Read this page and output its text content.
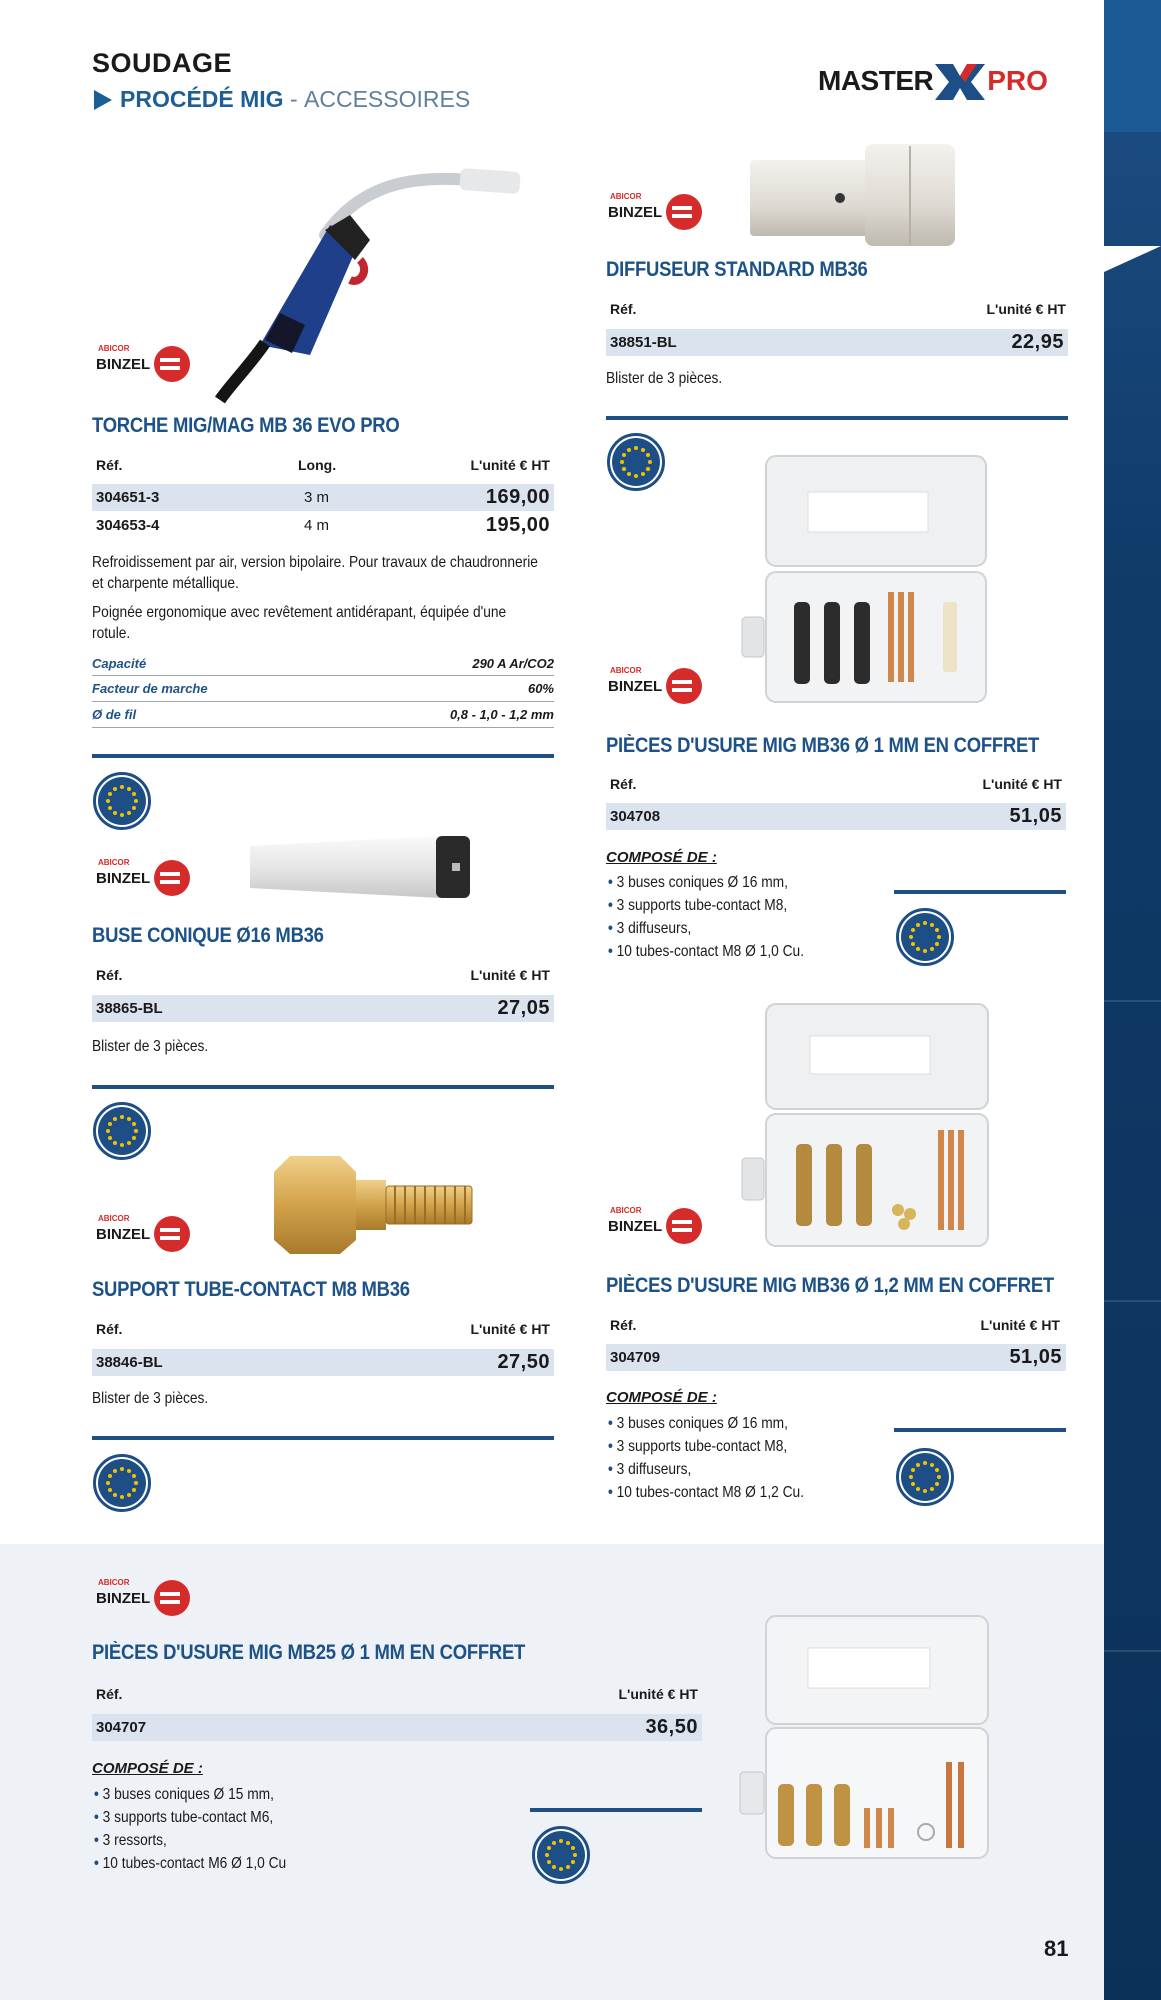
SOUDAGE
PROCÉDÉ MIG - ACCESSOIRES
MASTER PRO
ABICOR
BINZEL
TORCHE MIG/MAG MB 36 EVO PRO
Réf.	Long.	L'unité € HT
304651-3	3 m	169,00
304653-4	4 m	195,00
Refroidissement par air, version bipolaire. Pour travaux de chaudronnerie et charpente métallique.
Poignée ergonomique avec revêtement antidérapant, équipée d'une rotule.
Capacité	290 A Ar/CO2
Facteur de marche	60%
Ø de fil	0,8 - 1,0 - 1,2 mm
ABICOR
BINZEL
BUSE CONIQUE Ø16 MB36
Réf.	L'unité € HT
38865-BL	27,05
Blister de 3 pièces.
ABICOR
BINZEL
SUPPORT TUBE-CONTACT M8 MB36
Réf.	L'unité € HT
38846-BL	27,50
Blister de 3 pièces.
ABICOR
BINZEL
DIFFUSEUR STANDARD MB36
Réf.	L'unité € HT
38851-BL	22,95
Blister de 3 pièces.
ABICOR
BINZEL
PIÈCES D'USURE MIG MB36 Ø 1 MM EN COFFRET
Réf.	L'unité € HT
304708	51,05
COMPOSÉ DE :
• 3 buses coniques Ø 16 mm,
• 3 supports tube-contact M8,
• 3 diffuseurs,
• 10 tubes-contact M8 Ø 1,0 Cu.
ABICOR
BINZEL
PIÈCES D'USURE MIG MB36 Ø 1,2 MM EN COFFRET
Réf.	L'unité € HT
304709	51,05
COMPOSÉ DE :
• 3 buses coniques Ø 16 mm,
• 3 supports tube-contact M8,
• 3 diffuseurs,
• 10 tubes-contact M8 Ø 1,2 Cu.
ABICOR
BINZEL
PIÈCES D'USURE MIG MB25 Ø 1 MM EN COFFRET
Réf.	L'unité € HT
304707	36,50
COMPOSÉ DE :
• 3 buses coniques Ø 15 mm,
• 3 supports tube-contact M6,
• 3 ressorts,
• 10 tubes-contact M6 Ø 1,0 Cu
81
